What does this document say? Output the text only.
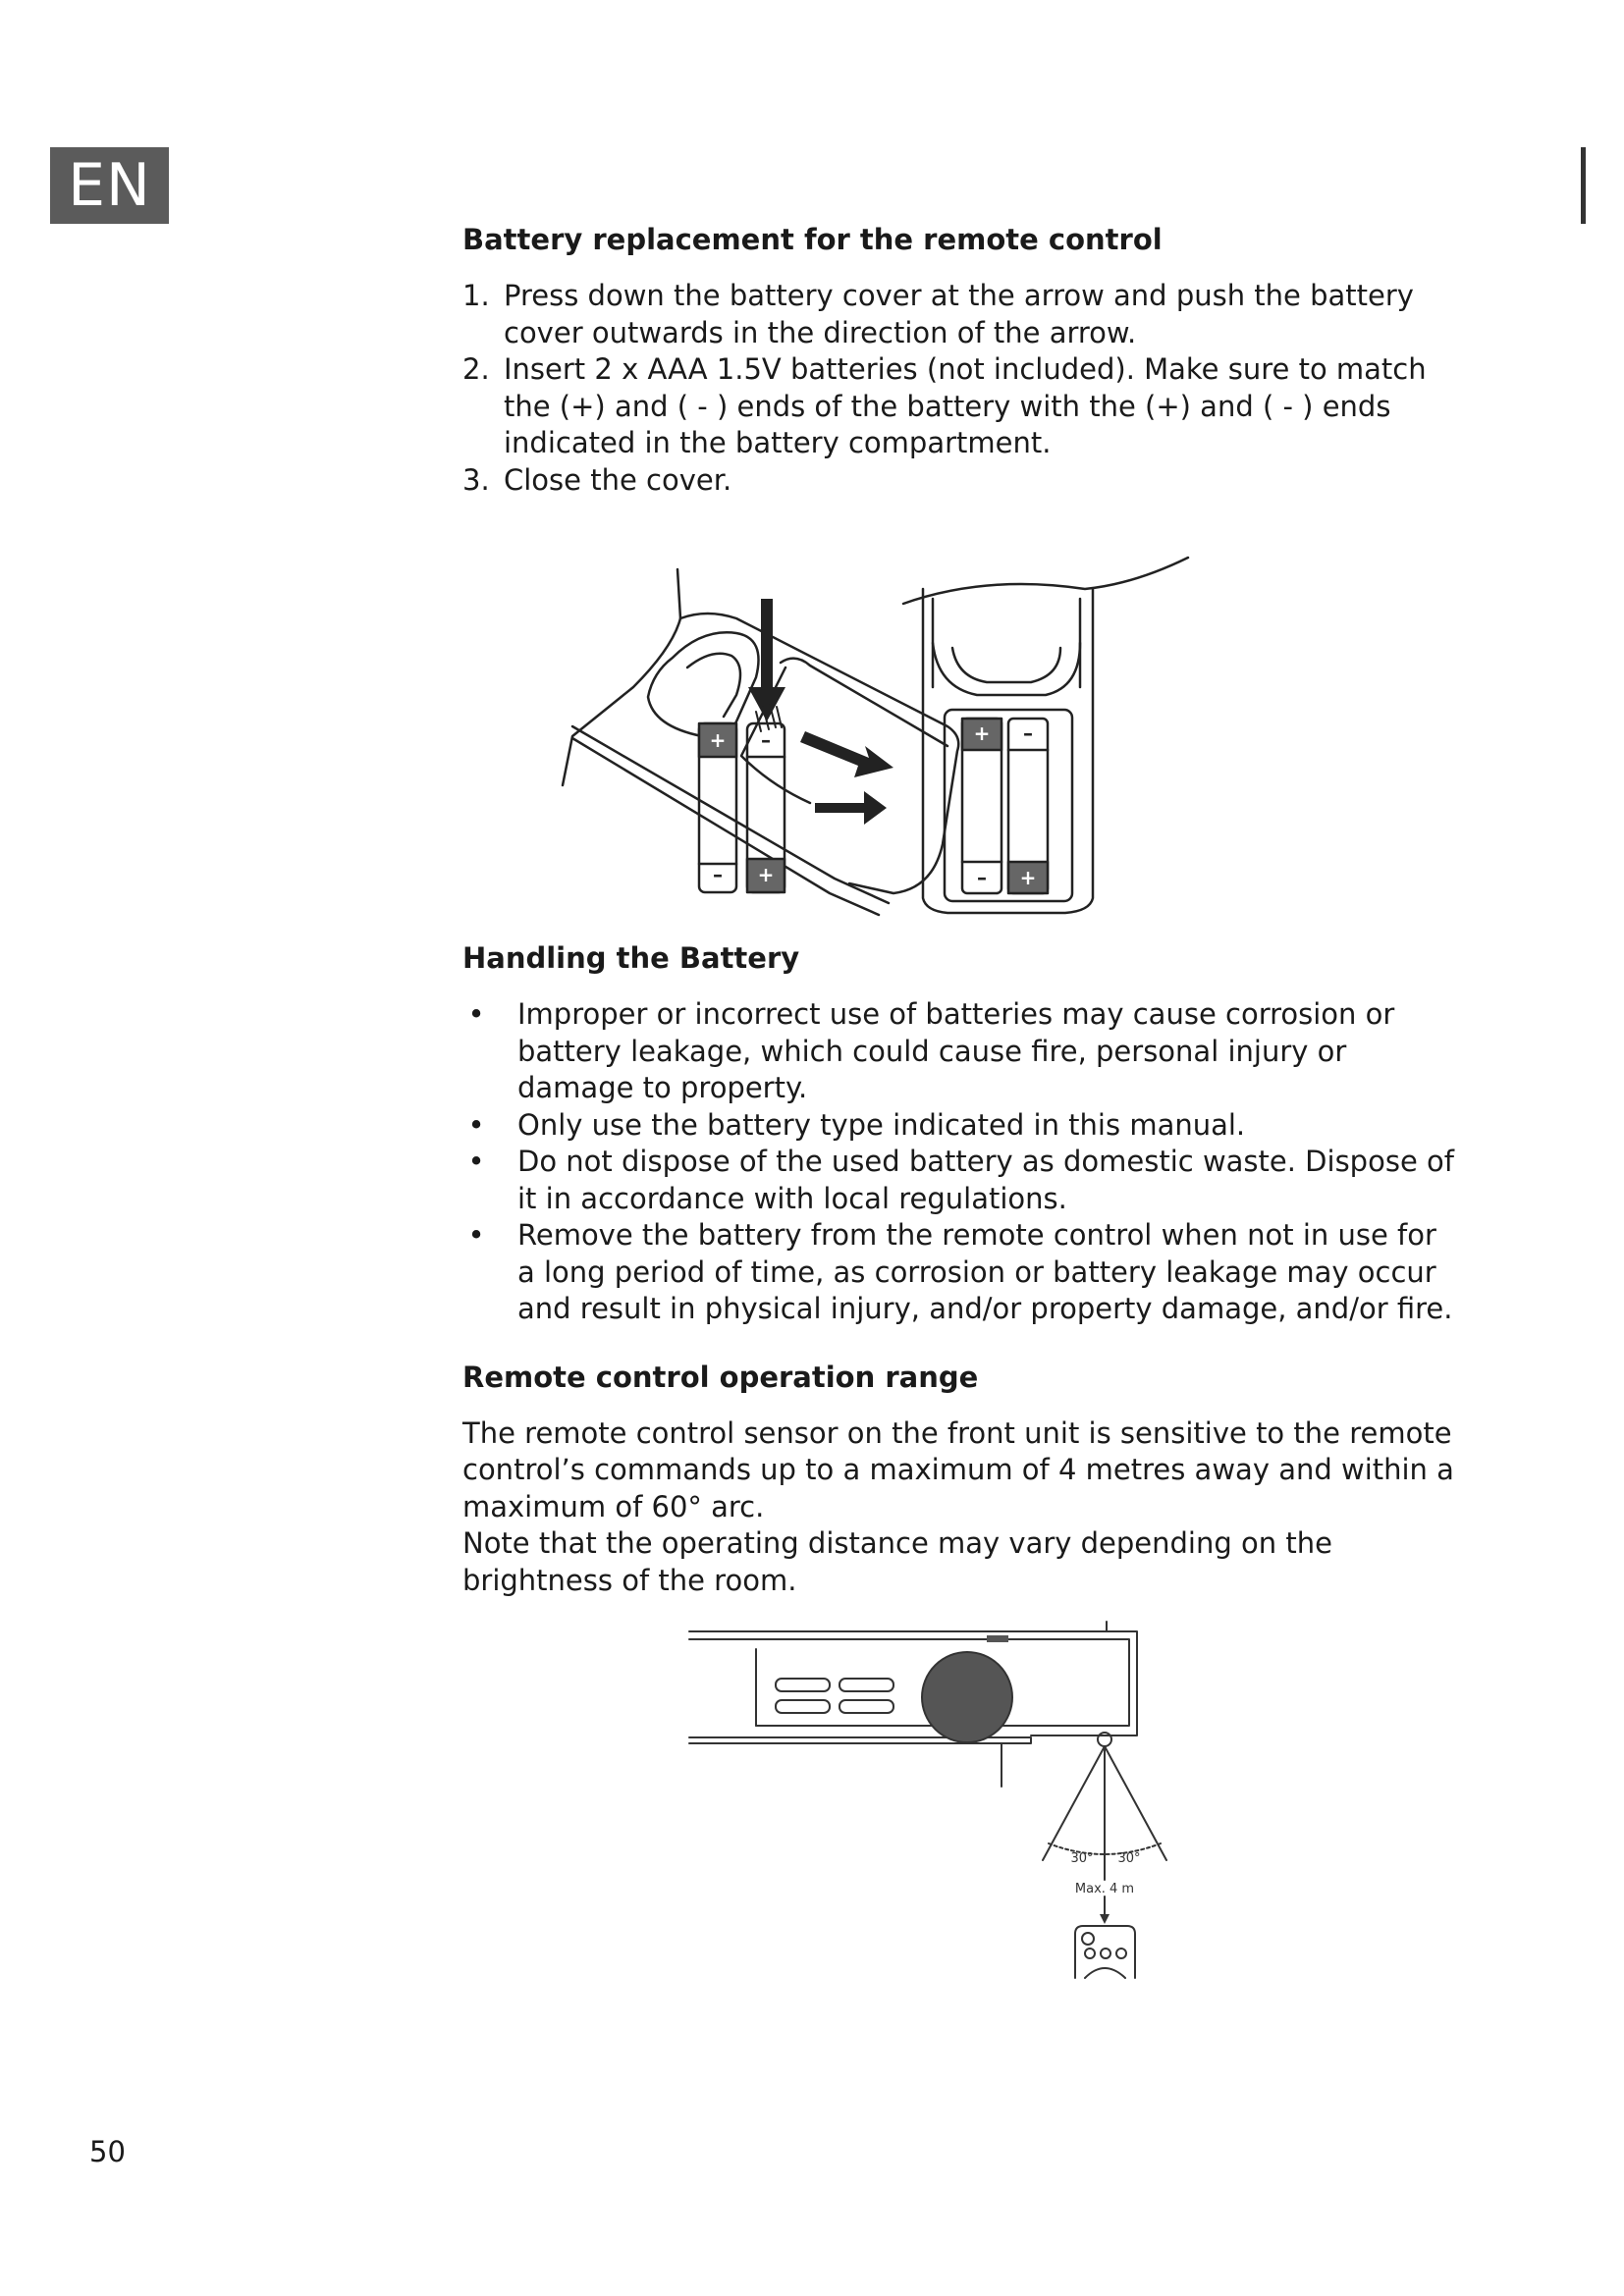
EN
Battery replacement for the remote control
1. Press down the battery cover at the arrow and push the battery cover outwards in the direction of the arrow.
2. Insert 2 x AAA 1.5V batteries (not included). Make sure to match the (+) and ( - ) ends of the battery with the (+) and ( - ) ends indicated in the battery compartment.
3. Close the cover.
Handling the Battery
• Improper or incorrect use of batteries may cause corrosion or battery leakage, which could cause fire, personal injury or damage to property.
• Only use the battery type indicated in this manual.
• Do not dispose of the used battery as domestic waste. Dispose of it in accordance with local regulations.
• Remove the battery from the remote control when not in use for a long period of time, as corrosion or battery leakage may occur and result in physical injury, and/or property damage, and/or fire.
Remote control operation range

The remote control sensor on the front unit is sensitive to the remote control’s commands up to a maximum of 4 metres away and within a maximum of 60° arc.

Note that the operating distance may vary depending on the brightness of the room.

+
+
–
–
+
+
–
–
30° 30°
Max. 4 m
50
